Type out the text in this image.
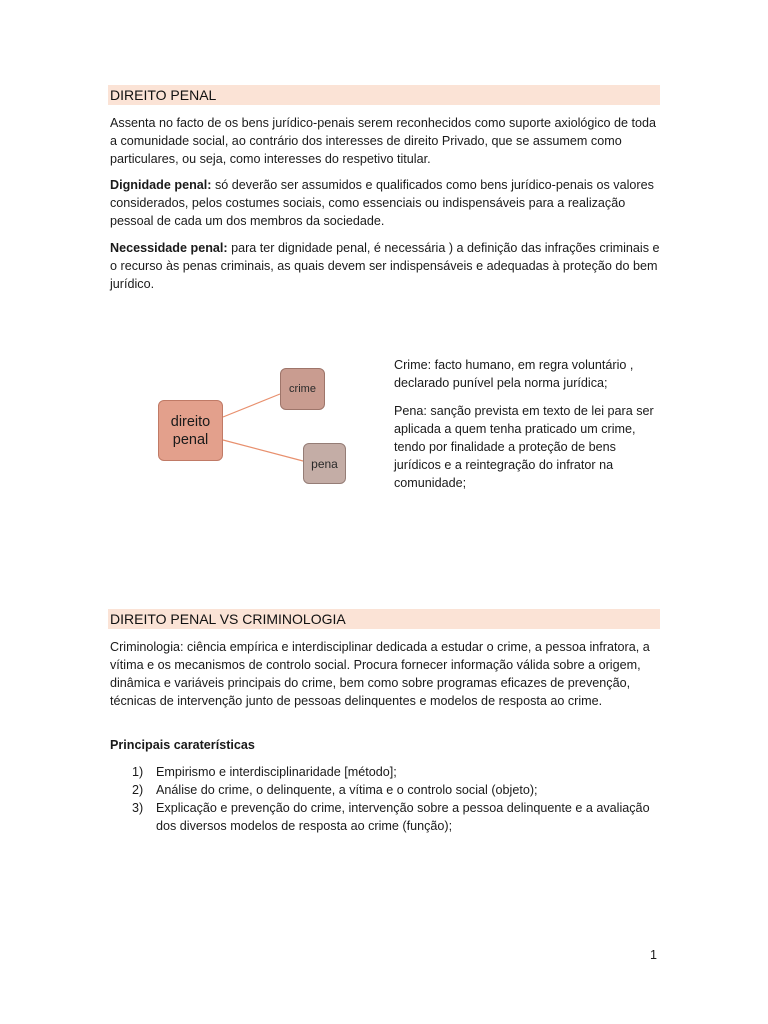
DIREITO PENAL

Assenta no facto de os bens jurídico-penais serem reconhecidos como suporte axiológico de toda a comunidade social, ao contrário dos interesses de direito Privado, que se assumem como particulares, ou seja, como interesses do respetivo titular.

Dignidade penal: só deverão ser assumidos e qualificados como bens jurídico-penais os valores considerados, pelos costumes sociais, como essenciais ou indispensáveis para a realização pessoal de cada um dos membros da sociedade.

Necessidade penal: para ter dignidade penal, é necessária ) a definição das infrações criminais e o recurso às penas criminais, as quais devem ser indispensáveis e adequadas à proteção do bem jurídico.

direito penal
crime
pena

Crime: facto humano, em regra voluntário , declarado punível pela norma jurídica;

Pena: sanção prevista em texto de lei para ser aplicada a quem tenha praticado um crime, tendo por finalidade a proteção de bens jurídicos e a reintegração do infrator na comunidade;

DIREITO PENAL VS CRIMINOLOGIA

Criminologia: ciência empírica e interdisciplinar dedicada a estudar o crime, a pessoa infratora, a vítima e os mecanismos de controlo social. Procura fornecer informação válida sobre a origem, dinâmica e variáveis principais do crime, bem como sobre programas eficazes de prevenção, técnicas de intervenção junto de pessoas delinquentes e modelos de resposta ao crime.

Principais caraterísticas

1)	Empirismo e interdisciplinaridade [método];
2)	Análise do crime, o delinquente, a vítima e o controlo social (objeto);
3)	Explicação e prevenção do crime, intervenção sobre a pessoa delinquente e a avaliação dos diversos modelos de resposta ao crime (função);
1
